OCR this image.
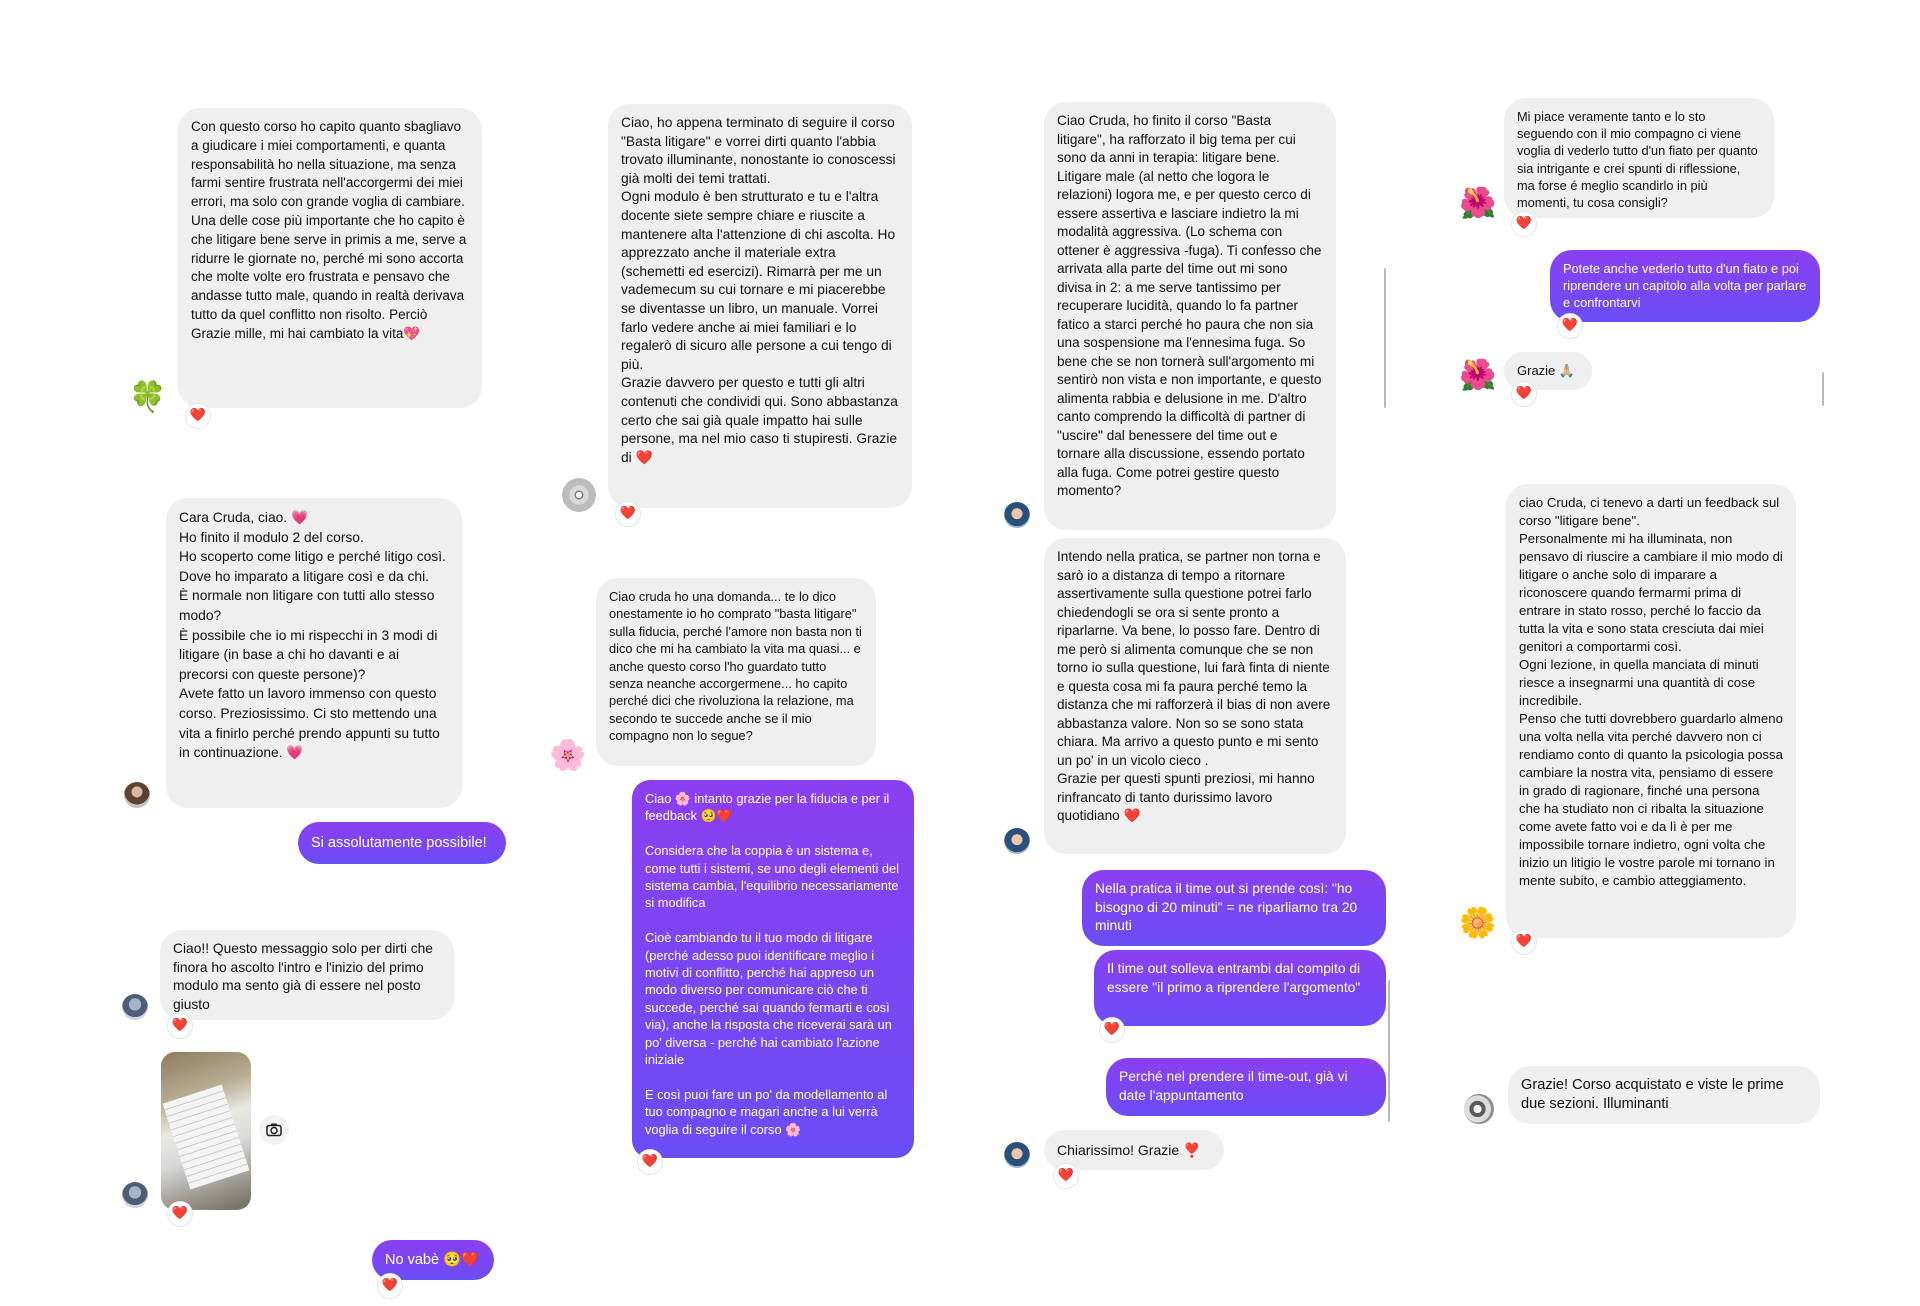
Con questo corso ho capito quanto sbagliavo a giudicare i miei comportamenti, e quanta responsabilità ho nella situazione, ma senza farmi sentire frustrata nell'accorgermi dei miei errori, ma solo con grande voglia di cambiare. Una delle cose più importante che ho capito è che litigare bene serve in primis a me, serve a ridurre le giornate no, perché mi sono accorta che molte volte ero frustrata e pensavo che andasse tutto male, quando in realtà derivava tutto da quel conflitto non risolto. Perciò Grazie mille, mi hai cambiato la vita💖
❤️
🍀
Cara Cruda, ciao. 💗
Ho finito il modulo 2 del corso.
Ho scoperto come litigo e perché litigo così. Dove ho imparato a litigare così e da chi.
È normale non litigare con tutti allo stesso modo?
È possibile che io mi rispecchi in 3 modi di litigare (in base a chi ho davanti e ai precorsi con queste persone)?
Avete fatto un lavoro immenso con questo corso. Preziosissimo. Ci sto mettendo una vita a finirlo perché prendo appunti su tutto in continuazione. 💗
Si assolutamente possibile!
Ciao!! Questo messaggio solo per dirti che finora ho ascolto l'intro e l'inizio del primo modulo ma sento già di essere nel posto giusto
❤️
❤️
No vabè 🥺❤️
❤️
Ciao, ho appena terminato di seguire il corso "Basta litigare" e vorrei dirti quanto l'abbia trovato illuminante, nonostante io conoscessi già molti dei temi trattati.
Ogni modulo è ben strutturato e tu e l'altra docente siete sempre chiare e riuscite a mantenere alta l'attenzione di chi ascolta. Ho apprezzato anche il materiale extra (schemetti ed esercizi). Rimarrà per me un vademecum su cui tornare e mi piacerebbe se diventasse un libro, un manuale. Vorrei farlo vedere anche ai miei familiari e lo regalerò di sicuro alle persone a cui tengo di più.
Grazie davvero per questo e tutti gli altri contenuti che condividi qui. Sono abbastanza certo che sai già quale impatto hai sulle persone, ma nel mio caso ti stupiresti. Grazie di ❤️
❤️
Ciao cruda ho una domanda... te lo dico onestamente io ho comprato "basta litigare" sulla fiducia, perché l'amore non basta non ti dico che mi ha cambiato la vita ma quasi... e anche questo corso l'ho guardato tutto senza neanche accorgermene... ho capito perché dici che rivoluziona la relazione, ma secondo te succede anche se il mio compagno non lo segue?
🌸
Ciao 🌸 intanto grazie per la fiducia e per il feedback 🥺❤️

Considera che la coppia è un sistema e, come tutti i sistemi, se uno degli elementi del sistema cambia, l'equilibrio necessariamente si modifica

Cioè cambiando tu il tuo modo di litigare (perché adesso puoi identificare meglio i motivi di conflitto, perché hai appreso un modo diverso per comunicare ciò che ti succede, perché sai quando fermarti e così via), anche la risposta che riceverai sarà un po' diversa - perché hai cambiato l'azione iniziale

E così puoi fare un po' da modellamento al tuo compagno e magari anche a lui verrà voglia di seguire il corso 🌸
❤️
Ciao Cruda, ho finito il corso "Basta litigare", ha rafforzato il big tema per cui sono da anni in terapia: litigare bene. Litigare male (al netto che logora le relazioni) logora me, e per questo cerco di essere assertiva e lasciare indietro la mi modalità aggressiva. (Lo schema con ottener è aggressiva -fuga). Ti confesso che arrivata alla parte del time out mi sono divisa in 2: a me serve tantissimo per recuperare lucidità, quando lo fa partner fatico a starci perché ho paura che non sia una sospensione ma l'ennesima fuga. So bene che se non tornerà sull'argomento mi sentirò non vista e non importante, e questo alimenta rabbia e delusione in me. D'altro canto comprendo la difficoltà di partner di "uscire" dal benessere del time out e tornare alla discussione, essendo portato alla fuga. Come potrei gestire questo momento?
Intendo nella pratica, se partner non torna e sarò io a distanza di tempo a ritornare assertivamente sulla questione potrei farlo chiedendogli se ora si sente pronto a riparlarne. Va bene, lo posso fare. Dentro di me però si alimenta comunque che se non torno io sulla questione, lui farà finta di niente e questa cosa mi fa paura perché temo la distanza che mi rafforzerà il bias di non avere abbastanza valore. Non so se sono stata chiara. Ma arrivo a questo punto e mi sento un po' in un vicolo cieco .
Grazie per questi spunti preziosi, mi hanno rinfrancato di tanto durissimo lavoro quotidiano ❤️
Nella pratica il time out si prende così: "ho bisogno di 20 minuti" = ne riparliamo tra 20 minuti
Il time out solleva entrambi dal compito di essere "il primo a riprendere l'argomento"
❤️
Perché nel prendere il time-out, già vi date l'appuntamento
Chiarissimo! Grazie ❣️
❤️
Mi piace veramente tanto e lo sto seguendo con il mio compagno ci viene voglia di vederlo tutto d'un fiato per quanto sia intrigante e crei spunti di riflessione, ma forse é meglio scandirlo in più momenti, tu cosa consigli?
❤️
🌺
Potete anche vederlo tutto d'un fiato e poi riprendere un capitolo alla volta per parlare e confrontarvi
❤️
Grazie 🙏🏼
❤️
🌺
ciao Cruda, ci tenevo a darti un feedback sul corso "litigare bene".
Personalmente mi ha illuminata, non pensavo di riuscire a cambiare il mio modo di litigare o anche solo di imparare a riconoscere quando fermarmi prima di entrare in stato rosso, perché lo faccio da tutta la vita e sono stata cresciuta dai miei genitori a comportarmi così.
Ogni lezione, in quella manciata di minuti riesce a insegnarmi una quantità di cose incredibile.
Penso che tutti dovrebbero guardarlo almeno una volta nella vita perché davvero non ci rendiamo conto di quanto la psicologia possa cambiare la nostra vita, pensiamo di essere in grado di ragionare, finché una persona che ha studiato non ci ribalta la situazione come avete fatto voi e da lì è per me impossibile tornare indietro, ogni volta che inizio un litigio le vostre parole mi tornano in mente subito, e cambio atteggiamento.
❤️
🌼
Grazie! Corso acquistato e viste le prime due sezioni. Illuminanti
